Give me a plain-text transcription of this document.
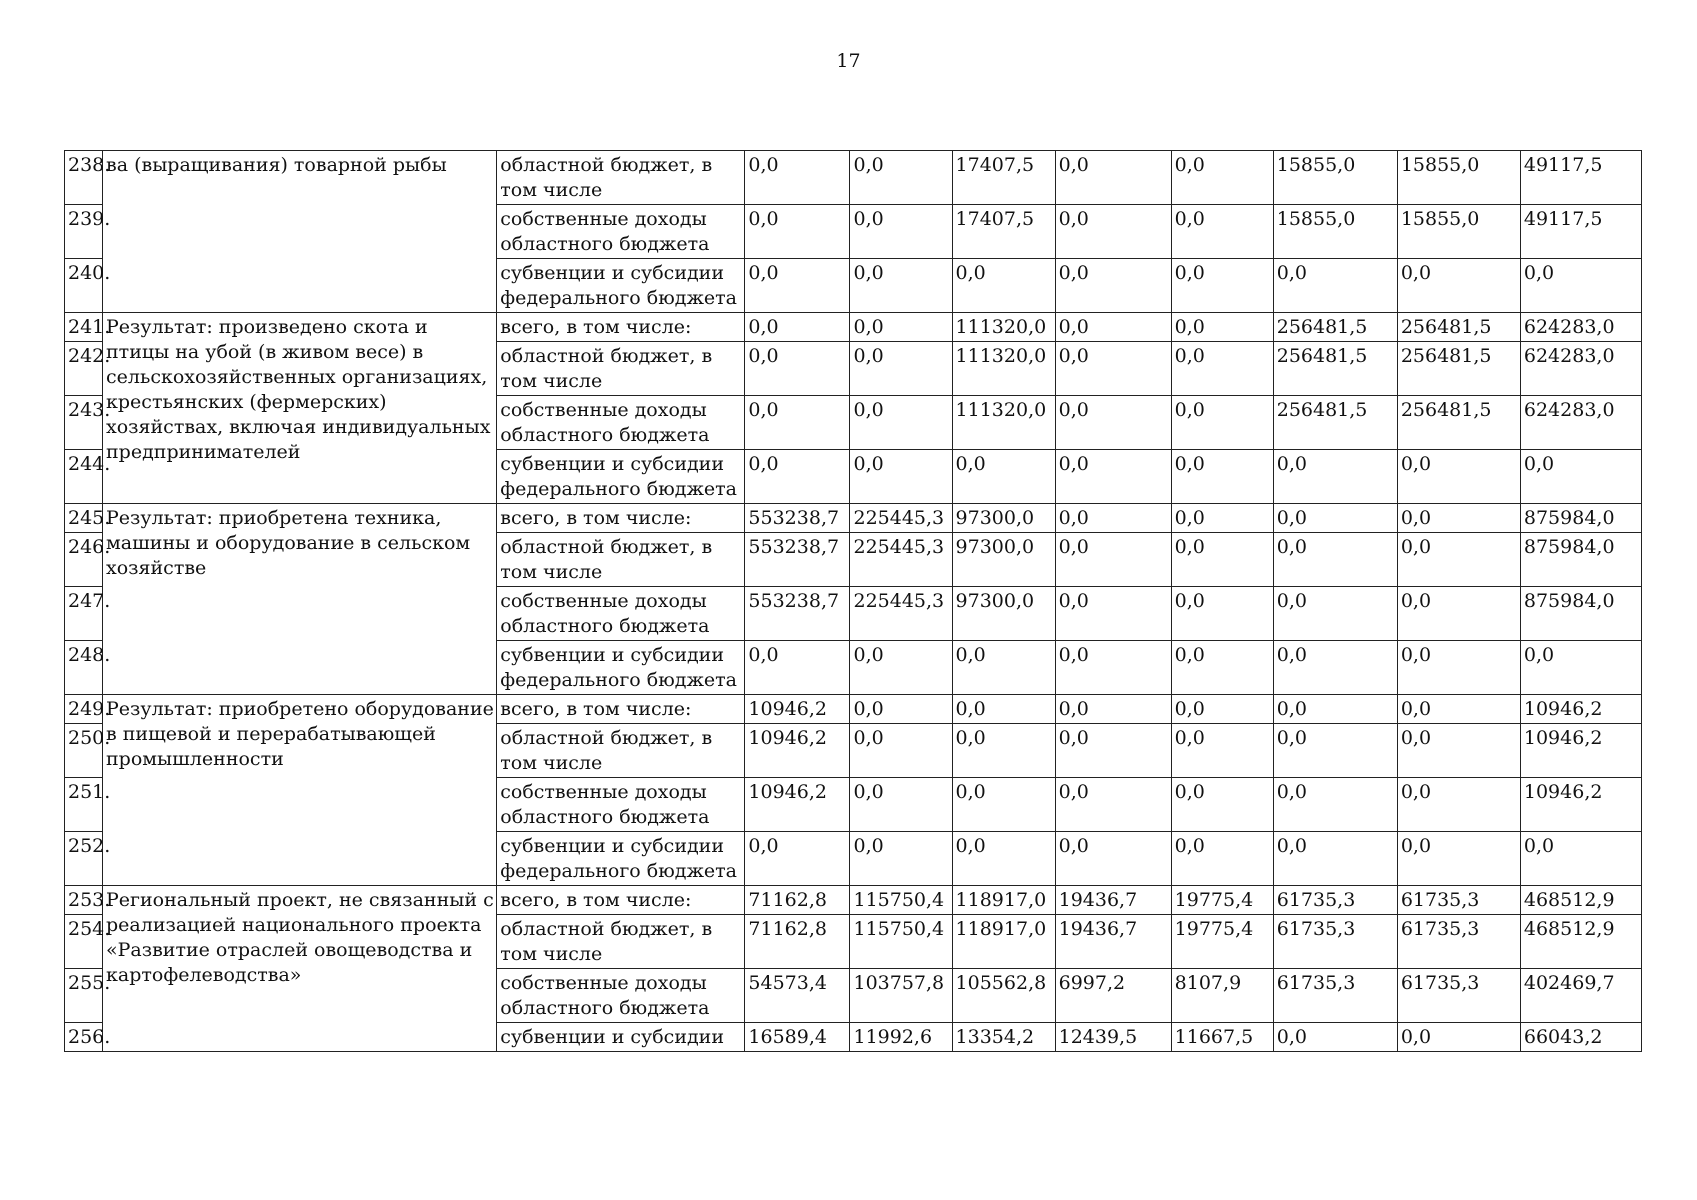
17
238.	ва (выращивания) товарной рыбы	областной бюджет, в том числе	0,0	0,0	17407,5	0,0	0,0	15855,0	15855,0	49117,5
239.		собственные доходы областного бюджета	0,0	0,0	17407,5	0,0	0,0	15855,0	15855,0	49117,5
240.		субвенции и субсидии федерального бюджета	0,0	0,0	0,0	0,0	0,0	0,0	0,0	0,0
241.	Результат: произведено скота и птицы на убой (в живом весе) в сельскохозяйственных организациях, крестьянских (фермерских) хозяйствах, включая индивидуальных предпринимателей	всего, в том числе:	0,0	0,0	111320,0	0,0	0,0	256481,5	256481,5	624283,0
242.		областной бюджет, в том числе	0,0	0,0	111320,0	0,0	0,0	256481,5	256481,5	624283,0
243.		собственные доходы областного бюджета	0,0	0,0	111320,0	0,0	0,0	256481,5	256481,5	624283,0
244.		субвенции и субсидии федерального бюджета	0,0	0,0	0,0	0,0	0,0	0,0	0,0	0,0
245.	Результат: приобретена техника, машины и оборудование в сельском хозяйстве	всего, в том числе:	553238,7	225445,3	97300,0	0,0	0,0	0,0	0,0	875984,0
246.		областной бюджет, в том числе	553238,7	225445,3	97300,0	0,0	0,0	0,0	0,0	875984,0
247.		собственные доходы областного бюджета	553238,7	225445,3	97300,0	0,0	0,0	0,0	0,0	875984,0
248.		субвенции и субсидии федерального бюджета	0,0	0,0	0,0	0,0	0,0	0,0	0,0	0,0
249.	Результат: приобретено оборудование в пищевой и перерабатывающей промышленности	всего, в том числе:	10946,2	0,0	0,0	0,0	0,0	0,0	0,0	10946,2
250.		областной бюджет, в том числе	10946,2	0,0	0,0	0,0	0,0	0,0	0,0	10946,2
251.		собственные доходы областного бюджета	10946,2	0,0	0,0	0,0	0,0	0,0	0,0	10946,2
252.		субвенции и субсидии федерального бюджета	0,0	0,0	0,0	0,0	0,0	0,0	0,0	0,0
253.	Региональный проект, не связанный с реализацией национального проекта «Развитие отраслей овощеводства и картофелеводства»	всего, в том числе:	71162,8	115750,4	118917,0	19436,7	19775,4	61735,3	61735,3	468512,9
254.		областной бюджет, в том числе	71162,8	115750,4	118917,0	19436,7	19775,4	61735,3	61735,3	468512,9
255.		собственные доходы областного бюджета	54573,4	103757,8	105562,8	6997,2	8107,9	61735,3	61735,3	402469,7
256.		субвенции и субсидии	16589,4	11992,6	13354,2	12439,5	11667,5	0,0	0,0	66043,2
